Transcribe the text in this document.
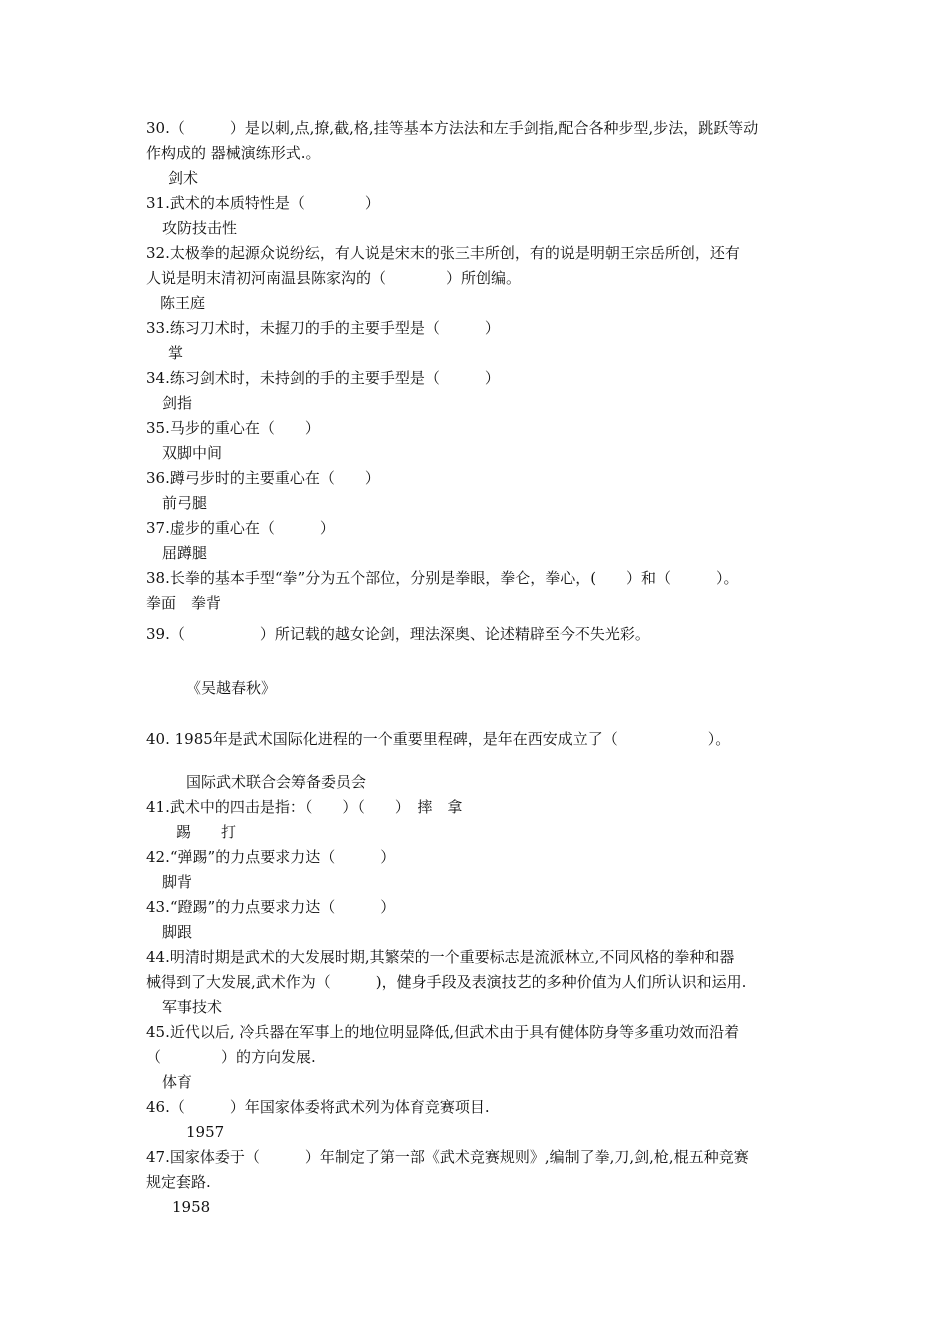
30.（　　　）是以刺,点,撩,截,格,挂等基本方法法和左手剑指,配合各种步型,步法，跳跃等动
作构成的 器械演练形式.。
剑术
31.武术的本质特性是（　　　　）
攻防技击性
32.太极拳的起源众说纷纭，有人说是宋末的张三丰所创，有的说是明朝王宗岳所创，还有
人说是明末清初河南温县陈家沟的（　　　　）所创编。
陈王庭
33.练习刀术时，未握刀的手的主要手型是（　　　）
掌
34.练习剑术时，未持剑的手的主要手型是（　　　）
剑指
35.马步的重心在（　　）
双脚中间
36.蹲弓步时的主要重心在（　　）
前弓腿
37.虚步的重心在（　　　）
屈蹲腿
38.长拳的基本手型“拳”分为五个部位，分别是拳眼，拳仑，拳心，(　　）和（　　　）。
拳面　拳背
39.（　　　　　）所记载的越女论剑，理法深奥、论述精辟至今不失光彩。
《吴越春秋》
40. 1985年是武术国际化进程的一个重要里程碑，是年在西安成立了（　　　　　　）。
国际武术联合会筹备委员会
41.武术中的四击是指：（　　）（　　）　摔　拿
踢　　打
42.“弹踢”的力点要求力达（　　　）
脚背
43.“蹬踢”的力点要求力达（　　　）
脚跟
44.明清时期是武术的大发展时期,其繁荣的一个重要标志是流派林立,不同风格的拳种和器
械得到了大发展,武术作为（　　　)，健身手段及表演技艺的多种价值为人们所认识和运用.
军事技术
45.近代以后, 冷兵器在军事上的地位明显降低,但武术由于具有健体防身等多重功效而沿着
（　　　　）的方向发展.
体育
46.（　　　）年国家体委将武术列为体育竞赛项目.
1957
47.国家体委于（　　　）年制定了第一部《武术竞赛规则》,编制了拳,刀,剑,枪,棍五种竞赛
规定套路.
1958
